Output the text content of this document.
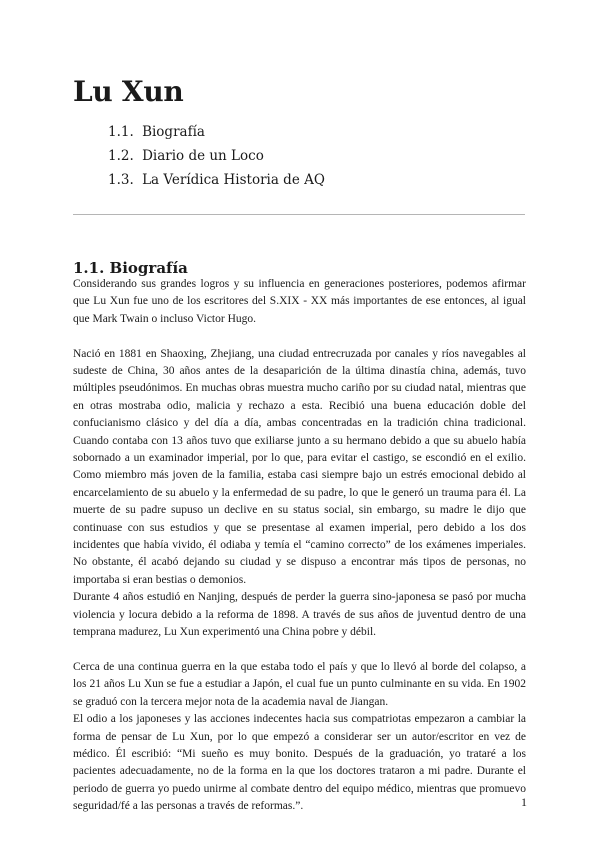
Lu Xun
1.1. Biografía
1.2. Diario de un Loco
1.3. La Verídica Historia de AQ
1.1. Biografía

Considerando sus grandes logros y su influencia en generaciones posteriores, podemos afirmar que Lu Xun fue uno de los escritores del S.XIX - XX más importantes de ese entonces, al igual que Mark Twain o incluso Victor Hugo.

Nació en 1881 en Shaoxing, Zhejiang, una ciudad entrecruzada por canales y ríos navegables al sudeste de China, 30 años antes de la desaparición de la última dinastía china, además, tuvo múltiples pseudónimos. En muchas obras muestra mucho cariño por su ciudad natal, mientras que en otras mostraba odio, malicia y rechazo a esta. Recibió una buena educación doble del confucianismo clásico y del día a día, ambas concentradas en la tradición china tradicional. Cuando contaba con 13 años tuvo que exiliarse junto a su hermano debido a que su abuelo había sobornado a un examinador imperial, por lo que, para evitar el castigo, se escondió en el exilio. Como miembro más joven de la familia, estaba casi siempre bajo un estrés emocional debido al encarcelamiento de su abuelo y la enfermedad de su padre, lo que le generó un trauma para él. La muerte de su padre supuso un declive en su status social, sin embargo, su madre le dijo que continuase con sus estudios y que se presentase al examen imperial, pero debido a los dos incidentes que había vivido, él odiaba y temía el “camino correcto” de los exámenes imperiales. No obstante, él acabó dejando su ciudad y se dispuso a encontrar más tipos de personas, no importaba si eran bestias o demonios.

Durante 4 años estudió en Nanjing, después de perder la guerra sino-japonesa se pasó por mucha violencia y locura debido a la reforma de 1898. A través de sus años de juventud dentro de una temprana madurez, Lu Xun experimentó una China pobre y débil.

Cerca de una continua guerra en la que estaba todo el país y que lo llevó al borde del colapso, a los 21 años Lu Xun se fue a estudiar a Japón, el cual fue un punto culminante en su vida. En 1902 se graduó con la tercera mejor nota de la academia naval de Jiangan.

El odio a los japoneses y las acciones indecentes hacia sus compatriotas empezaron a cambiar la forma de pensar de Lu Xun, por lo que empezó a considerar ser un autor/escritor en vez de médico. Él escribió: “Mi sueño es muy bonito. Después de la graduación, yo trataré a los pacientes adecuadamente, no de la forma en la que los doctores trataron a mi padre. Durante el periodo de guerra yo puedo unirme al combate dentro del equipo médico, mientras que promuevo seguridad/fé a las personas a través de reformas.”.	1
